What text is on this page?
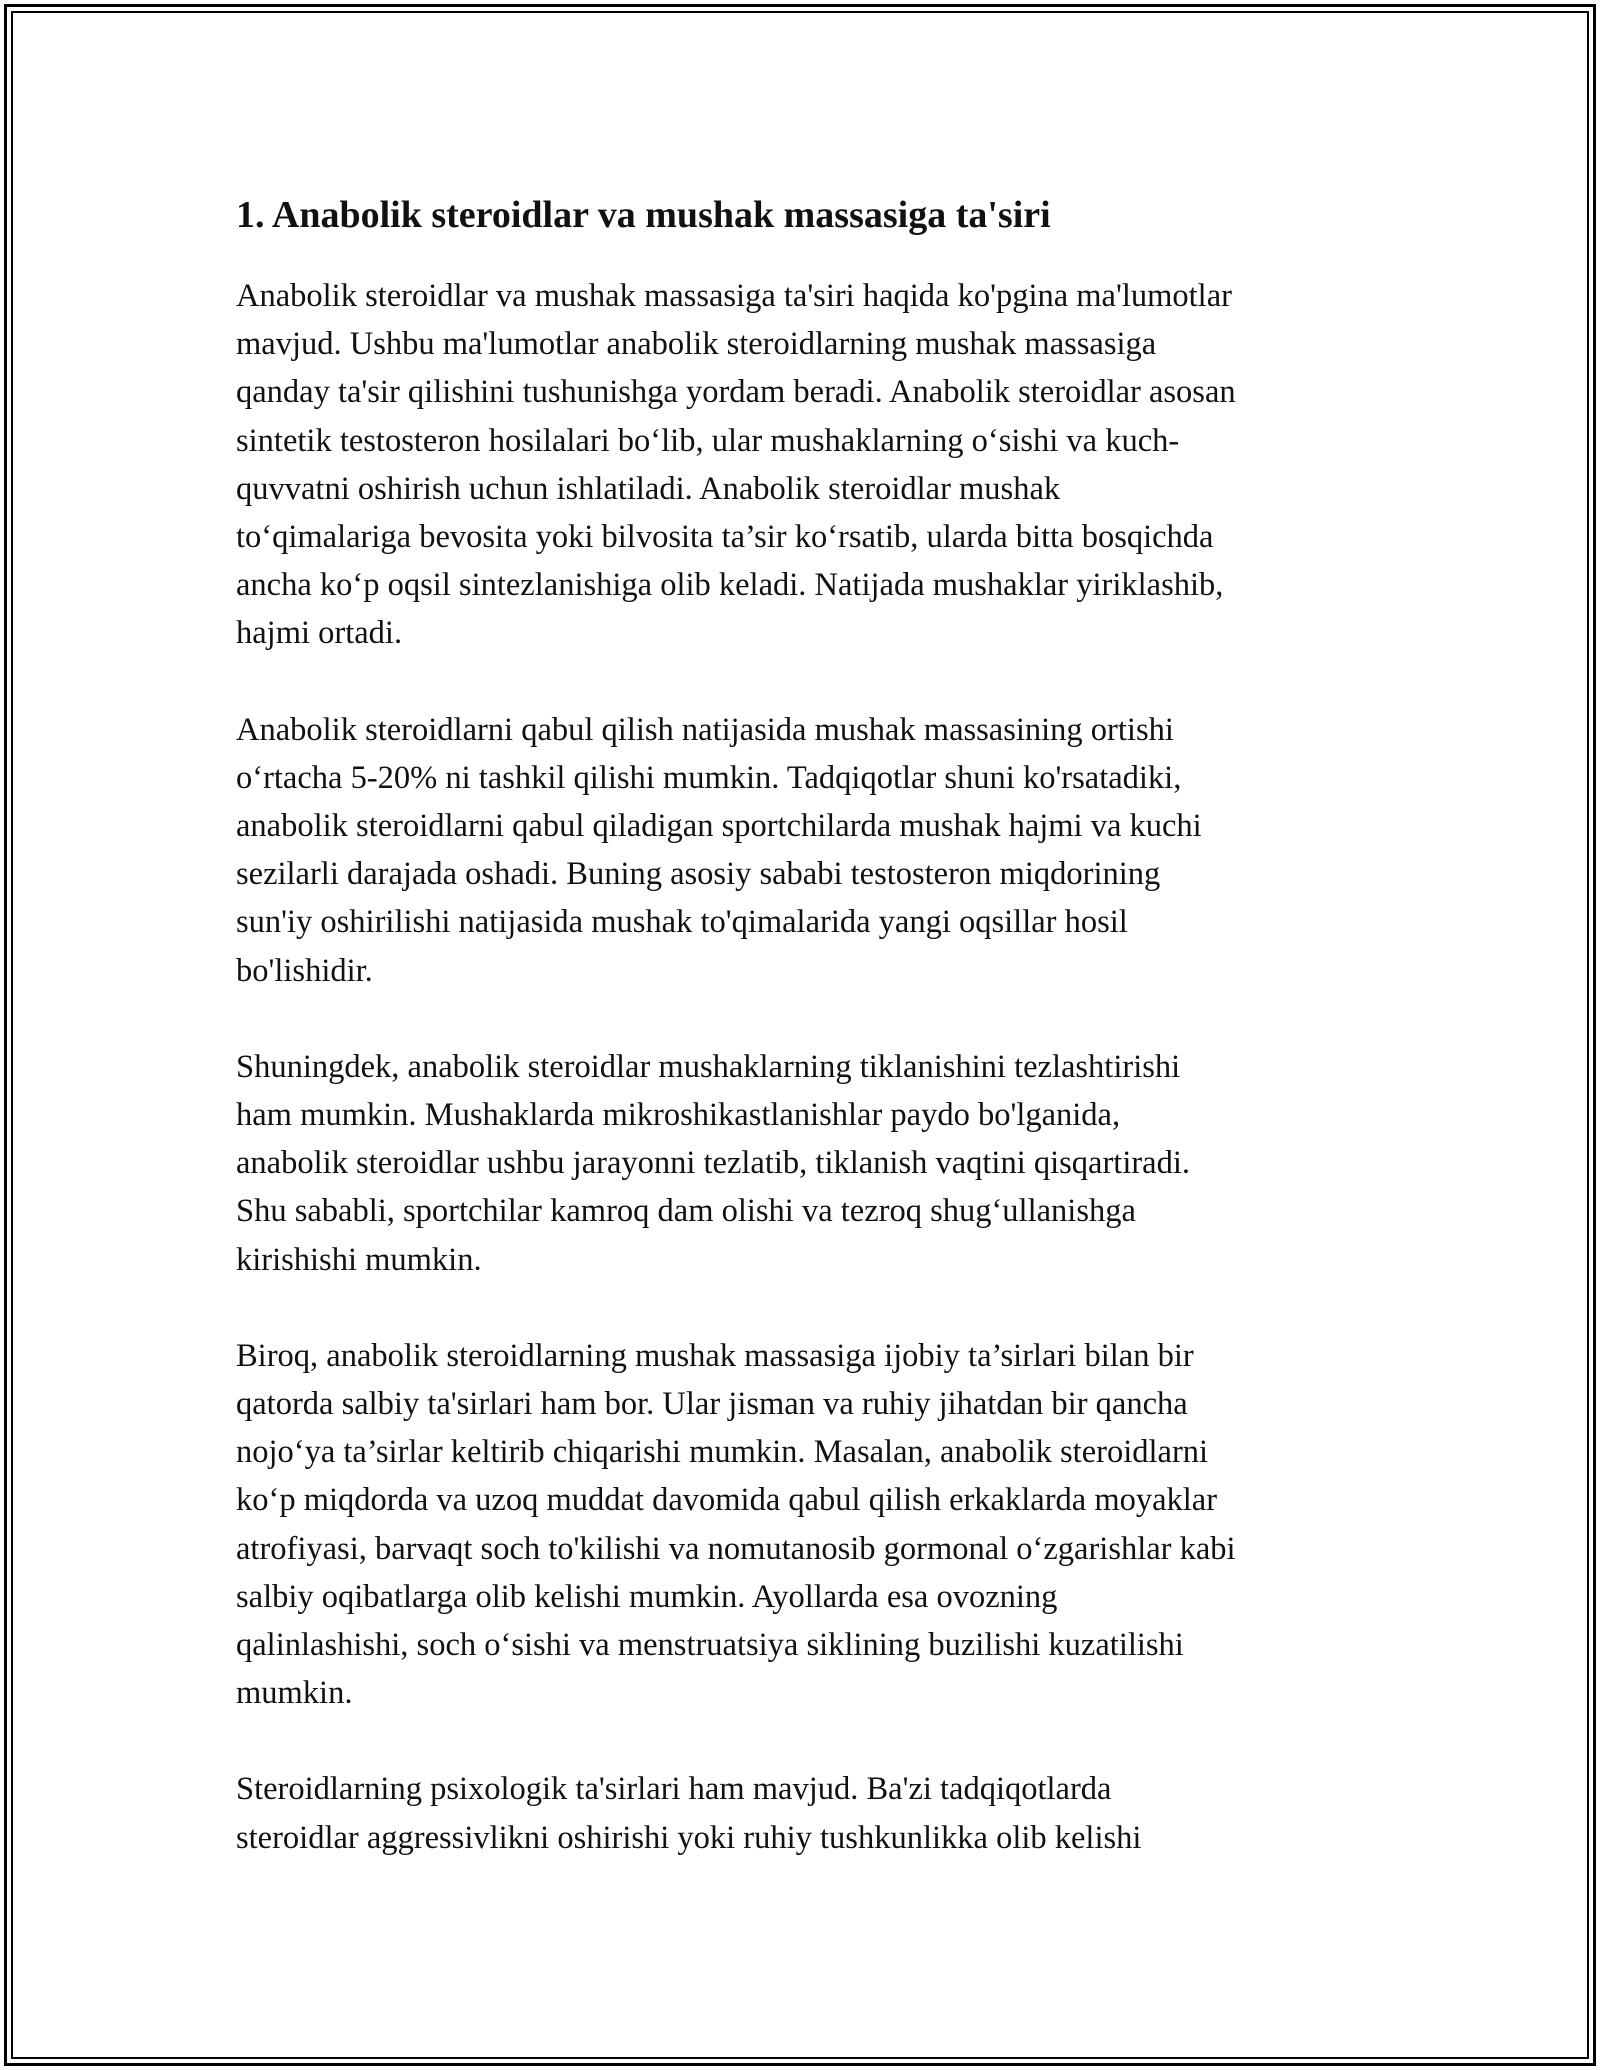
1. Anabolik steroidlar va mushak massasiga ta'siri

Anabolik steroidlar va mushak massasiga ta'siri haqida ko'pgina ma'lumotlar
mavjud. Ushbu ma'lumotlar anabolik steroidlarning mushak massasiga
qanday ta'sir qilishini tushunishga yordam beradi. Anabolik steroidlar asosan
sintetik testosteron hosilalari bo‘lib, ular mushaklarning o‘sishi va kuch-
quvvatni oshirish uchun ishlatiladi. Anabolik steroidlar mushak
to‘qimalariga bevosita yoki bilvosita ta’sir ko‘rsatib, ularda bitta bosqichda
ancha ko‘p oqsil sintezlanishiga olib keladi. Natijada mushaklar yiriklashib,
hajmi ortadi.

Anabolik steroidlarni qabul qilish natijasida mushak massasining ortishi
o‘rtacha 5-20% ni tashkil qilishi mumkin. Tadqiqotlar shuni ko'rsatadiki,
anabolik steroidlarni qabul qiladigan sportchilarda mushak hajmi va kuchi
sezilarli darajada oshadi. Buning asosiy sababi testosteron miqdorining
sun'iy oshirilishi natijasida mushak to'qimalarida yangi oqsillar hosil
bo'lishidir.

Shuningdek, anabolik steroidlar mushaklarning tiklanishini tezlashtirishi
ham mumkin. Mushaklarda mikroshikastlanishlar paydo bo'lganida,
anabolik steroidlar ushbu jarayonni tezlatib, tiklanish vaqtini qisqartiradi.
Shu sababli, sportchilar kamroq dam olishi va tezroq shug‘ullanishga
kirishishi mumkin.

Biroq, anabolik steroidlarning mushak massasiga ijobiy ta’sirlari bilan bir
qatorda salbiy ta'sirlari ham bor. Ular jisman va ruhiy jihatdan bir qancha
nojo‘ya ta’sirlar keltirib chiqarishi mumkin. Masalan, anabolik steroidlarni
ko‘p miqdorda va uzoq muddat davomida qabul qilish erkaklarda moyaklar
atrofiyasi, barvaqt soch to'kilishi va nomutanosib gormonal o‘zgarishlar kabi
salbiy oqibatlarga olib kelishi mumkin. Ayollarda esa ovozning
qalinlashishi, soch o‘sishi va menstruatsiya siklining buzilishi kuzatilishi
mumkin.

Steroidlarning psixologik ta'sirlari ham mavjud. Ba'zi tadqiqotlarda
steroidlar aggressivlikni oshirishi yoki ruhiy tushkunlikka olib kelishi
